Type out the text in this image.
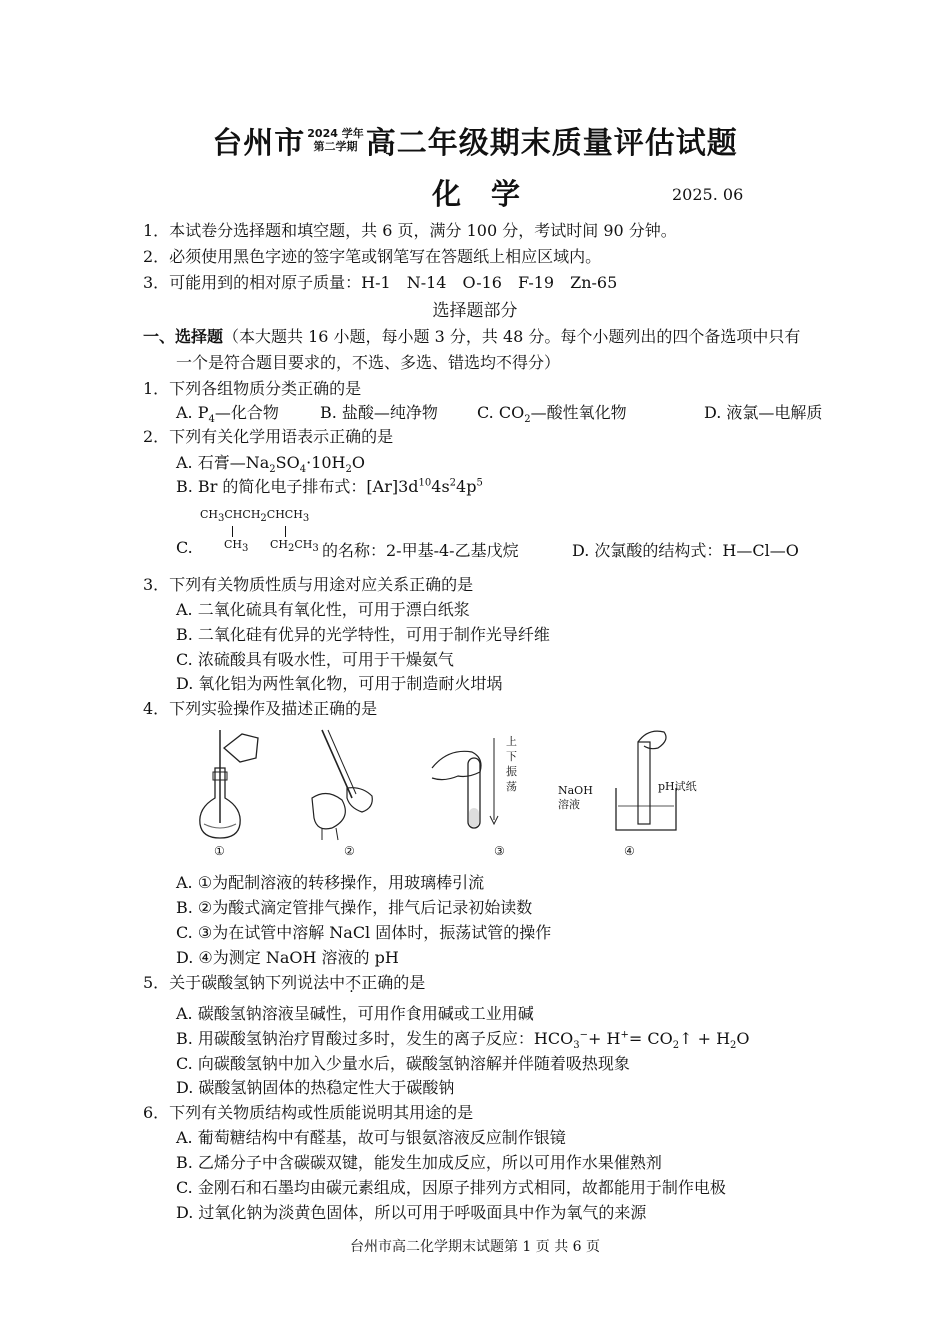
台州市 2024 学年
第二学期 高二年级期末质量评估试题
化学	2025. 06
1．本试卷分选择题和填空题，共 6 页，满分 100 分，考试时间 90 分钟。
2．必须使用黑色字迹的签字笔或钢笔写在答题纸上相应区域内。
3．可能用到的相对原子质量：H-1　N-14　O-16　F-19　Zn-65
选择题部分
一、选择题（本大题共 16 小题，每小题 3 分，共 48 分。每个小题列出的四个备选项中只有
一个是符合题目要求的，不选、多选、错选均不得分）
1．下列各组物质分类正确的是
A. $P_4—$化合物	B. 盐酸—纯净物 C. $CO_2—$酸性氧化物	D. 液氯—电解质
2．下列有关化学用语表示正确的是
A. 石膏$—Na_2SO_4\cdot 10H_2O$
B. Br 的简化电子排布式：$[Ar]3d^{10}4s^24p^5$
$CH_3CHCH_2CHCH_3$
$CH_3$ $CH_2CH_3$
C.	的名称：2-甲基-4-乙基戊烷	D. 次氯酸的结构式：H—Cl—O
3．下列有关物质性质与用途对应关系正确的是
A. 二氧化硫具有氧化性，可用于漂白纸浆
B. 二氧化硅有优异的光学特性，可用于制作光导纤维
C. 浓硫酸具有吸水性，可用于干燥氨气
D. 氧化铝为两性氧化物，可用于制造耐火坩埚
4．下列实验操作及描述正确的是
①	②
上
下
振
荡
③
NaOH
溶液
pH试纸
④
A. ①为配制溶液的转移操作，用玻璃棒引流
B. ②为酸式滴定管排气操作，排气后记录初始读数
C. ③为在试管中溶解 NaCl 固体时，振荡试管的操作
D. ④为测定 NaOH 溶液的 pH
5．关于碳酸氢钠下列说法中不正确的是
A. 碳酸氢钠溶液呈碱性，可用作食用碱或工业用碱
B. 用碳酸氢钠治疗胃酸过多时，发生的离子反应：$HCO_3^-+ H^+=$ $CO_2↑ + H_2O$
C. 向碳酸氢钠中加入少量水后，碳酸氢钠溶解并伴随着吸热现象
D. 碳酸氢钠固体的热稳定性大于碳酸钠
6．下列有关物质结构或性质能说明其用途的是
A. 葡萄糖结构中有醛基，故可与银氨溶液反应制作银镜
B. 乙烯分子中含碳碳双键，能发生加成反应，所以可用作水果催熟剂
C. 金刚石和石墨均由碳元素组成，因原子排列方式相同，故都能用于制作电极
D. 过氧化钠为淡黄色固体，所以可用于呼吸面具中作为氧气的来源
台州市高二化学期末试题第 1 页 共 6 页
